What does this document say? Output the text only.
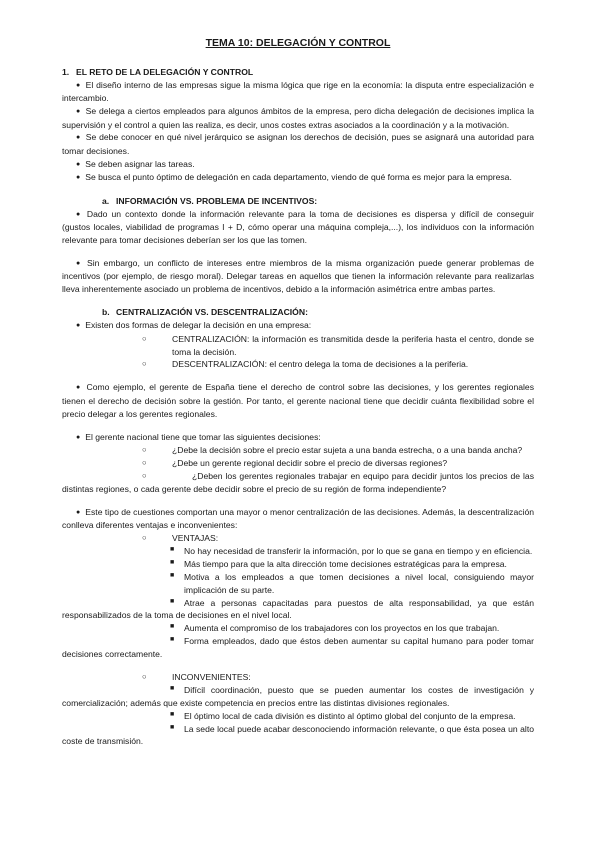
TEMA 10: DELEGACIÓN Y CONTROL
1. EL RETO DE LA DELEGACIÓN Y CONTROL

● El diseño interno de las empresas sigue la misma lógica que rige en la economía: la disputa entre especialización e intercambio.

● Se delega a ciertos empleados para algunos ámbitos de la empresa, pero dicha delegación de decisiones implica la supervisión y el control a quien las realiza, es decir, unos costes extras asociados a la coordinación y a la motivación.

● Se debe conocer en qué nivel jerárquico se asignan los derechos de decisión, pues se asignará una autoridad para tomar decisiones.

● Se deben asignar las tareas.

● Se busca el punto óptimo de delegación en cada departamento, viendo de qué forma es mejor para la empresa.

a. INFORMACIÓN VS. PROBLEMA DE INCENTIVOS:

● Dado un contexto donde la información relevante para la toma de decisiones es dispersa y difícil de conseguir (gustos locales, viabilidad de programas I + D, cómo operar una máquina compleja,...), los individuos con la información relevante para tomar decisiones deberían ser los que las tomen.

● Sin embargo, un conflicto de intereses entre miembros de la misma organización puede generar problemas de incentivos (por ejemplo, de riesgo moral). Delegar tareas en aquellos que tienen la información relevante para realizarlas lleva inherentemente asociado un problema de incentivos, debido a la información asimétrica entre ambas partes.

b. CENTRALIZACIÓN VS. DESCENTRALIZACIÓN:

● Existen dos formas de delegar la decisión en una empresa:

○	CENTRALIZACIÓN: la información es transmitida desde la periferia hasta el centro, donde se toma la decisión.

○	DESCENTRALIZACIÓN: el centro delega la toma de decisiones a la periferia.

● Como ejemplo, el gerente de España tiene el derecho de control sobre las decisiones, y los gerentes regionales tienen el derecho de decisión sobre la gestión. Por tanto, el gerente nacional tiene que decidir cuánta flexibilidad sobre el precio delegar a los gerentes regionales.

● El gerente nacional tiene que tomar las siguientes decisiones:

○	¿Debe la decisión sobre el precio estar sujeta a una banda estrecha, o a una banda ancha?

○	¿Debe un gerente regional decidir sobre el precio de diversas regiones?

○	¿Deben los gerentes regionales trabajar en equipo para decidir juntos los precios de las distintas regiones, o cada gerente debe decidir sobre el precio de su región de forma independiente?

● Este tipo de cuestiones comportan una mayor o menor centralización de las decisiones. Además, la descentralización conlleva diferentes ventajas e inconvenientes:

○	VENTAJAS:

■ No hay necesidad de transferir la información, por lo que se gana en tiempo y en eficiencia.

■ Más tiempo para que la alta dirección tome decisiones estratégicas para la empresa.

■ Motiva a los empleados a que tomen decisiones a nivel local, consiguiendo mayor implicación de su parte.

■ Atrae a personas capacitadas para puestos de alta responsabilidad, ya que están responsabilizados de la toma de decisiones en el nivel local.

■ Aumenta el compromiso de los trabajadores con los proyectos en los que trabajan.

■ Forma empleados, dado que éstos deben aumentar su capital humano para poder tomar decisiones correctamente.

○	INCONVENIENTES:

■ Difícil coordinación, puesto que se pueden aumentar los costes de investigación y comercialización; además que existe competencia en precios entre las distintas divisiones regionales.

■ El óptimo local de cada división es distinto al óptimo global del conjunto de la empresa.

■ La sede local puede acabar desconociendo información relevante, o que ésta posea un alto coste de transmisión.
